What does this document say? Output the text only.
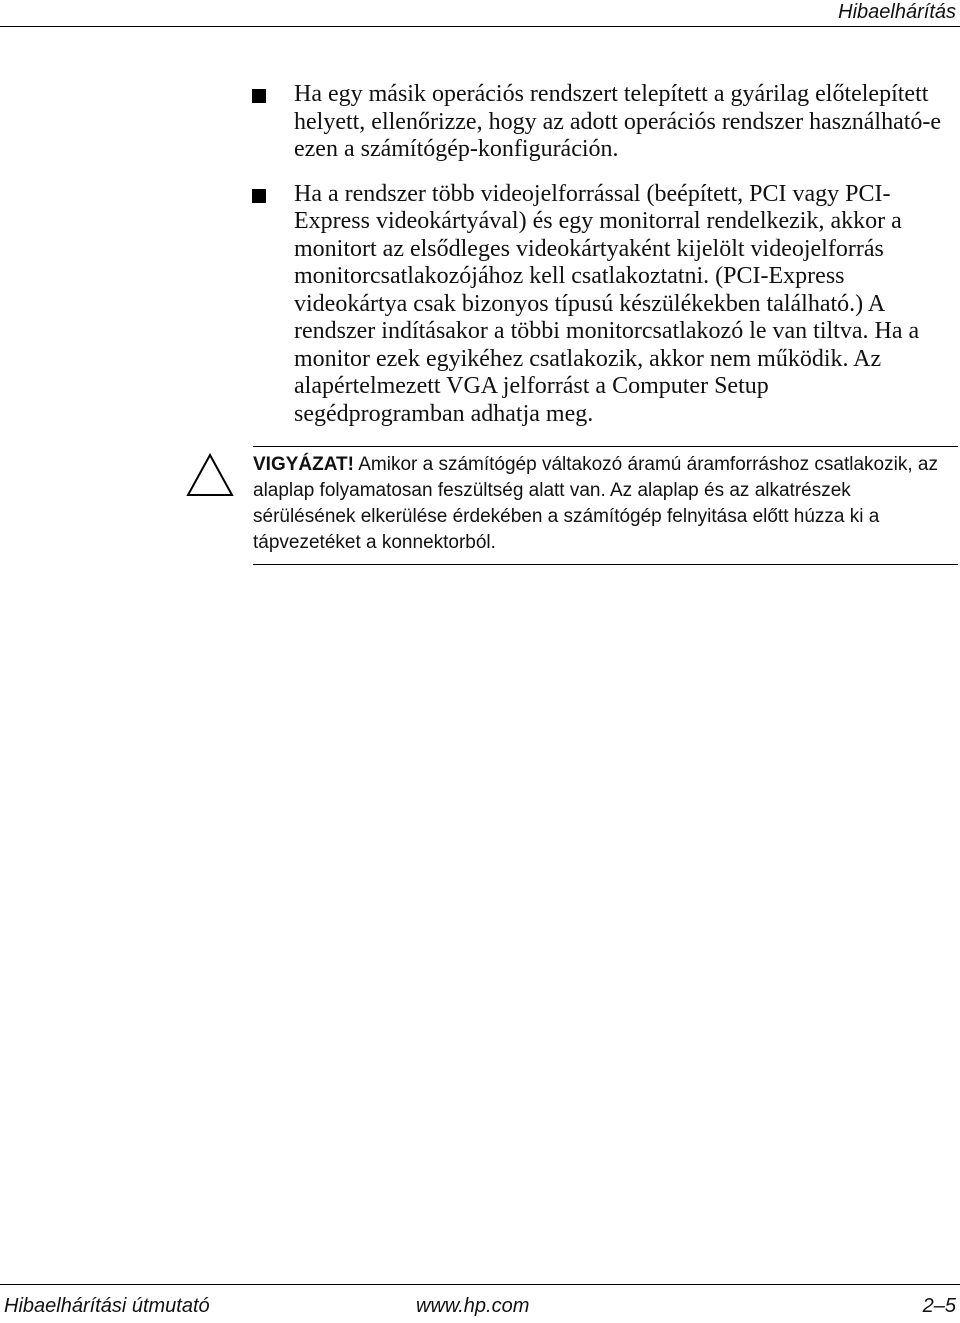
Hibaelhárítás
Ha egy másik operációs rendszert telepített a gyárilag előtelepített helyett, ellenőrizze, hogy az adott operációs rendszer használható-e ezen a számítógép-konfiguráción.
Ha a rendszer több videojelforrással (beépített, PCI vagy PCI-Express videokártyával) és egy monitorral rendelkezik, akkor a monitort az elsődleges videokártyaként kijelölt videojelforrás monitorcsatlakozójához kell csatlakoztatni. (PCI-Express videokártya csak bizonyos típusú készülékekben található.) A rendszer indításakor a többi monitorcsatlakozó le van tiltva. Ha a monitor ezek egyikéhez csatlakozik, akkor nem működik. Az alapértelmezett VGA jelforrást a Computer Setup segédprogramban adhatja meg.
VIGYÁZAT! Amikor a számítógép váltakozó áramú áramforráshoz csatlakozik, az alaplap folyamatosan feszültség alatt van. Az alaplap és az alkatrészek sérülésének elkerülése érdekében a számítógép felnyitása előtt húzza ki a tápvezetéket a konnektorból.
Hibaelhárítási útmutató	www.hp.com	2–5
